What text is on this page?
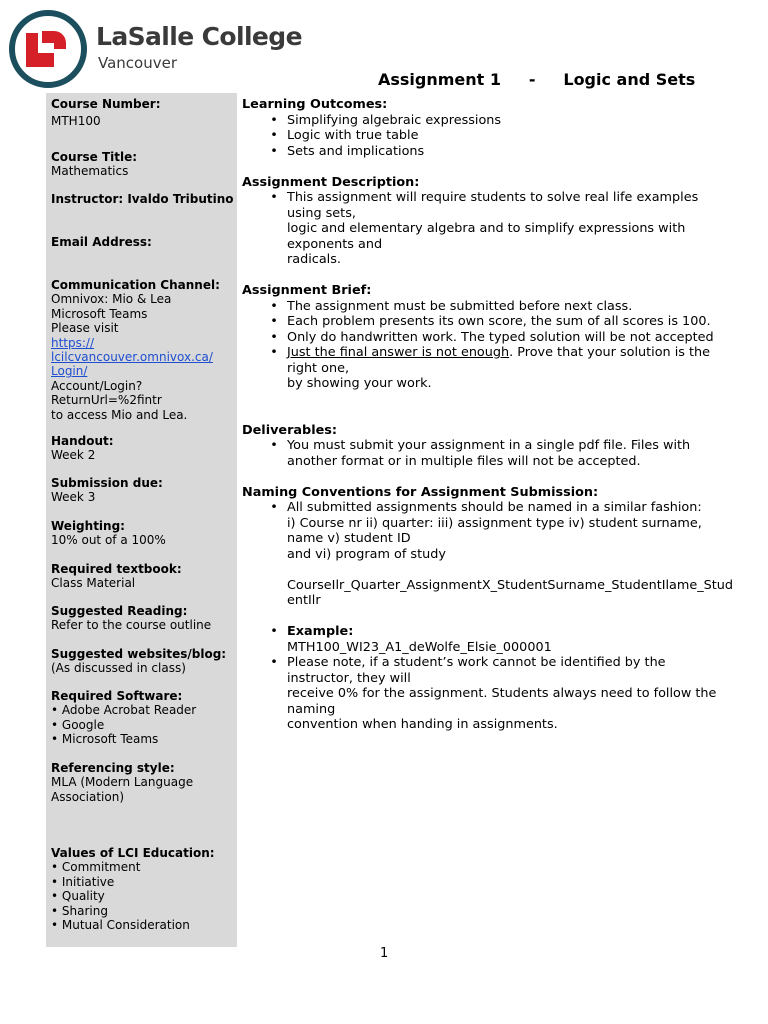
LaSalle College
Vancouver
Assignment 1     -     Logic and Sets
Course Number:
MTH100
Course Title:
Mathematics
Instructor: Ivaldo Tributino
Email Address:
Communication Channel:
Omnivox: Mio & Lea
Microsoft Teams
Please visit
https://
lcilcvancouver.omnivox.ca/
Login/
Account/Login?
ReturnUrl=%2fintr
to access Mio and Lea.
Handout:
Week 2
Submission due:
Week 3
Weighting:
10% out of a 100%
Required textbook:
Class Material
Suggested Reading:
Refer to the course outline
Suggested websites/blog:
(As discussed in class)
Required Software:
• Adobe Acrobat Reader
• Google
• Microsoft Teams
Referencing style:
MLA (Modern Language
Association)
Values of LCI Education:
• Commitment
• Initiative
• Quality
• Sharing
• Mutual Consideration
Learning Outcomes:
• Simplifying algebraic expressions
• Logic with true table
• Sets and implications
Assignment Description:
• This assignment will require students to solve real life examples
using sets,
logic and elementary algebra and to simplify expressions with
exponents and
radicals.
Assignment Brief:
• The assignment must be submitted before next class.
• Each problem presents its own score, the sum of all scores is 100.
• Only do handwritten work. The typed solution will be not accepted
• Just the final answer is not enough. Prove that your solution is the
right one,
by showing your work.
Deliverables:
• You must submit your assignment in a single pdf file. Files with
another format or in multiple files will not be accepted.
Naming Conventions for Assignment Submission:
• All submitted assignments should be named in a similar fashion:
i) Course nr ii) quarter: iii) assignment type iv) student surname,
name v) student ID
and vi) program of study
CourseIlr_Quarter_AssignmentX_StudentSurname_StudentIlame_Stud
entIlr
• Example:
MTH100_WI23_A1_deWolfe_Elsie_000001
• Please note, if a student’s work cannot be identified by the
instructor, they will
receive 0% for the assignment. Students always need to follow the
naming
convention when handing in assignments.
1
